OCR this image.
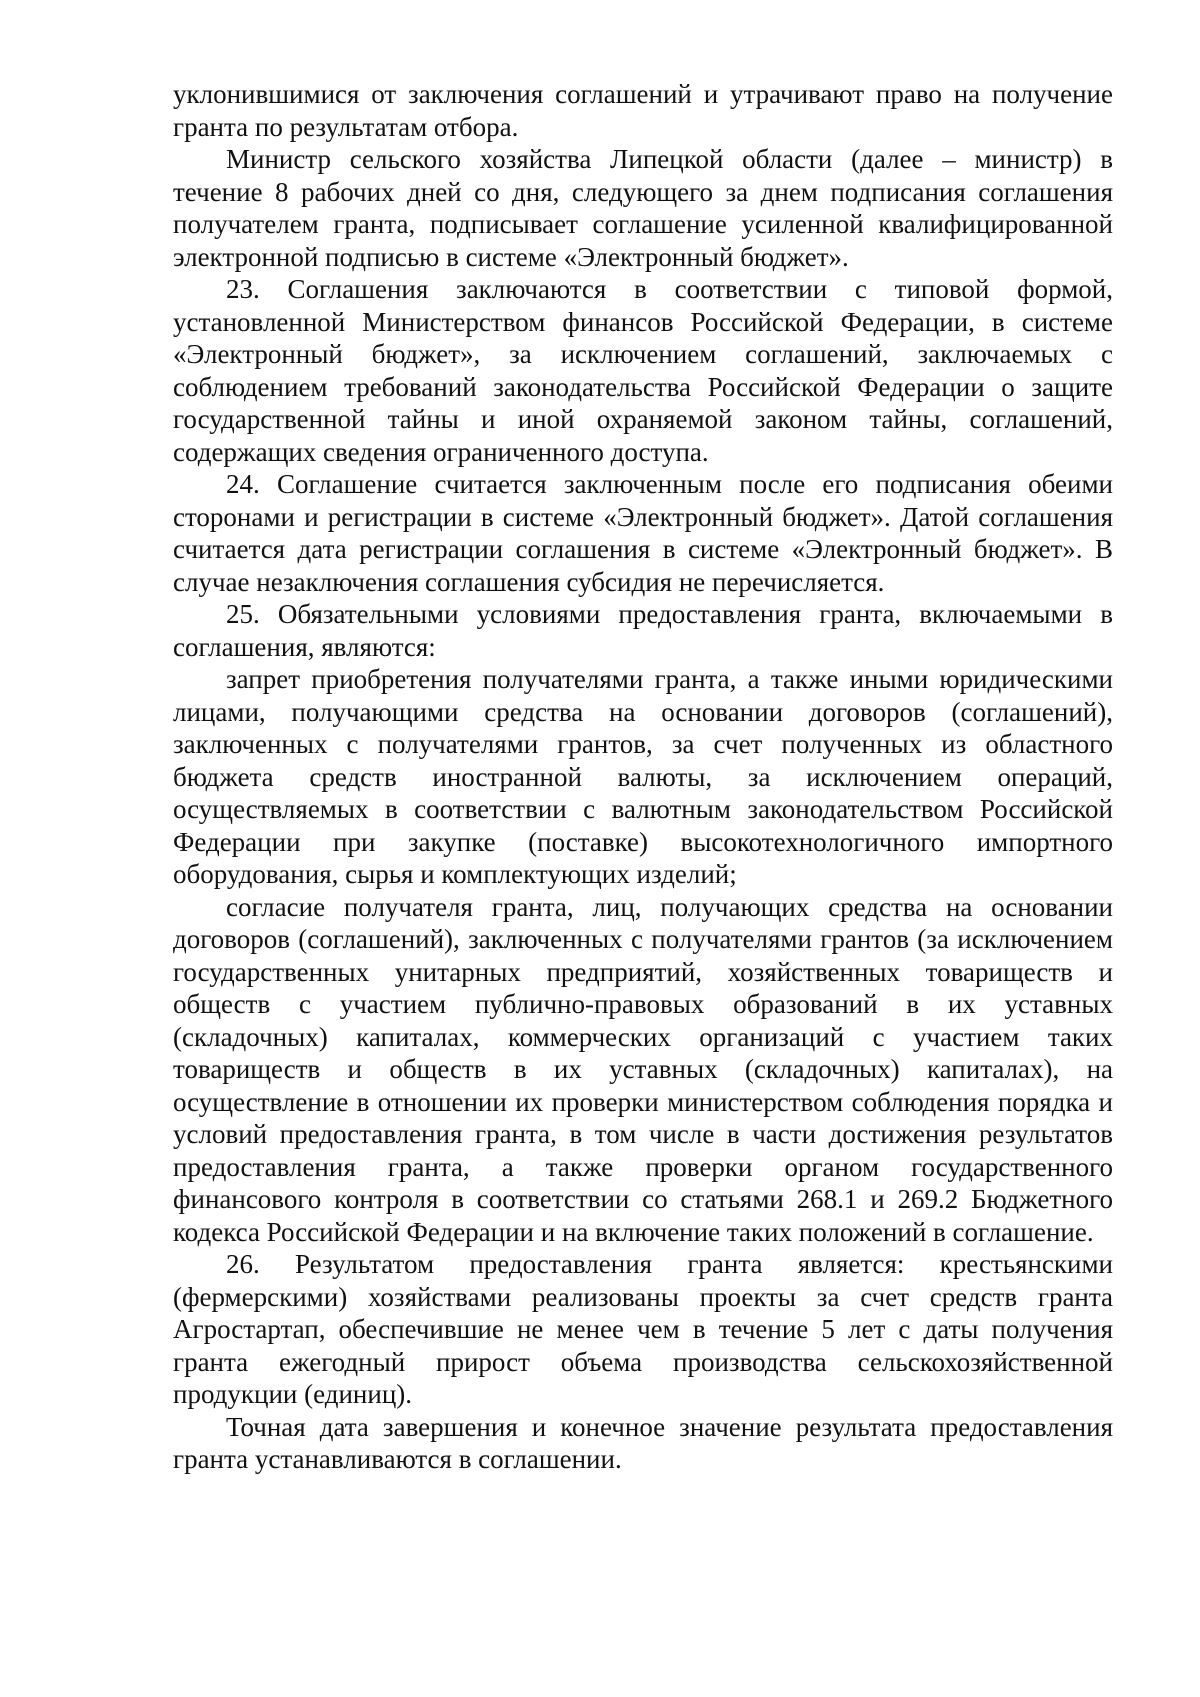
уклонившимися от заключения соглашений и утрачивают право на получение гранта по результатам отбора.

Министр сельского хозяйства Липецкой области (далее – министр) в течение 8 рабочих дней со дня, следующего за днем подписания соглашения получателем гранта, подписывает соглашение усиленной квалифицированной электронной подписью в системе «Электронный бюджет».

23. Соглашения заключаются в соответствии с типовой формой, установленной Министерством финансов Российской Федерации, в системе «Электронный бюджет», за исключением соглашений, заключаемых с соблюдением требований законодательства Российской Федерации о защите государственной тайны и иной охраняемой законом тайны, соглашений, содержащих сведения ограниченного доступа.

24. Соглашение считается заключенным после его подписания обеими сторонами и регистрации в системе «Электронный бюджет». Датой соглашения считается дата регистрации соглашения в системе «Электронный бюджет». В случае незаключения соглашения субсидия не перечисляется.

25. Обязательными условиями предоставления гранта, включаемыми в соглашения, являются:

запрет приобретения получателями гранта, а также иными юридическими лицами, получающими средства на основании договоров (соглашений), заключенных с получателями грантов, за счет полученных из областного бюджета средств иностранной валюты, за исключением операций, осуществляемых в соответствии с валютным законодательством Российской Федерации при закупке (поставке) высокотехнологичного импортного оборудования, сырья и комплектующих изделий;

согласие получателя гранта, лиц, получающих средства на основании договоров (соглашений), заключенных с получателями грантов (за исключением государственных унитарных предприятий, хозяйственных товариществ и обществ с участием публично-правовых образований в их уставных (складочных) капиталах, коммерческих организаций с участием таких товариществ и обществ в их уставных (складочных) капиталах), на осуществление в отношении их проверки министерством соблюдения порядка и условий предоставления гранта, в том числе в части достижения результатов предоставления гранта, а также проверки органом государственного финансового контроля в соответствии со статьями 268.1 и 269.2 Бюджетного кодекса Российской Федерации и на включение таких положений в соглашение.

26. Результатом предоставления гранта является: крестьянскими (фермерскими) хозяйствами реализованы проекты за счет средств гранта Агростартап, обеспечившие не менее чем в течение 5 лет с даты получения гранта ежегодный прирост объема производства сельскохозяйственной продукции (единиц).

Точная дата завершения и конечное значение результата предоставления гранта устанавливаются в соглашении.
